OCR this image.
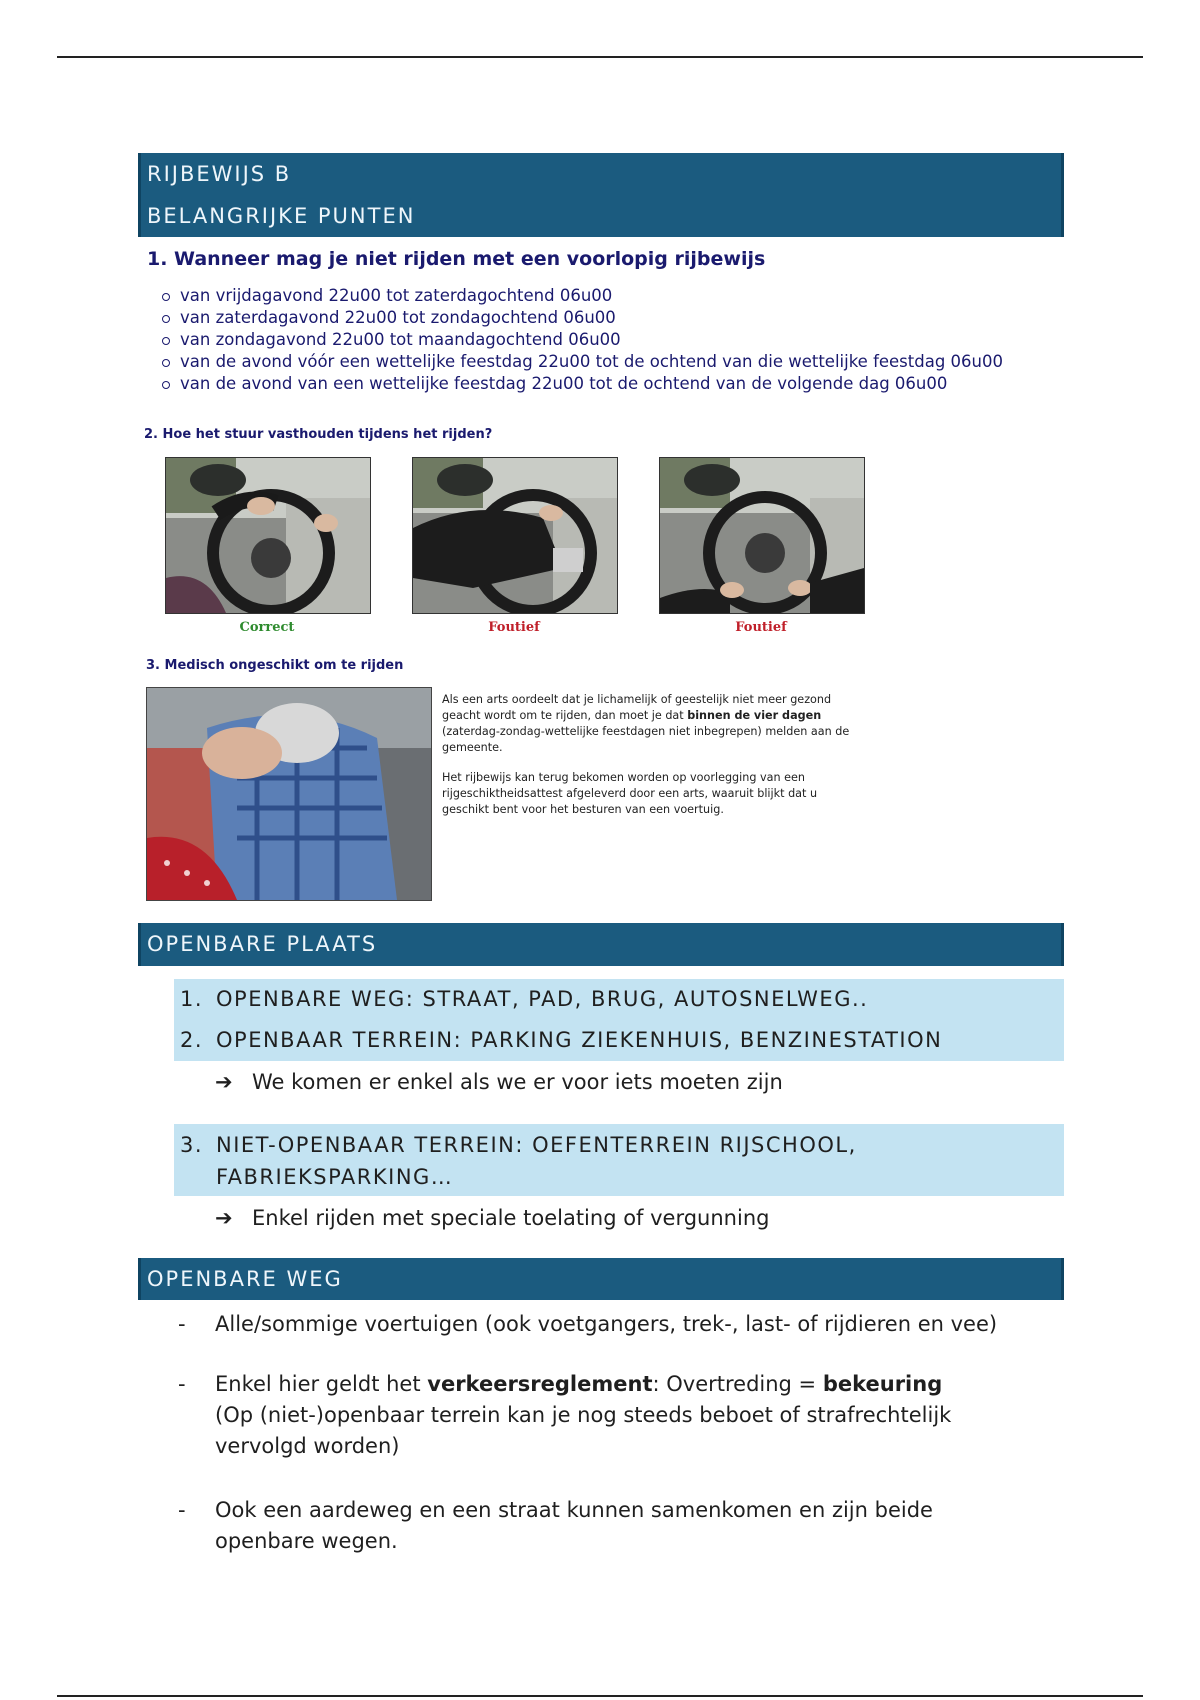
RIJBEWIJS B
BELANGRIJKE PUNTEN
1. Wanneer mag je niet rijden met een voorlopig rijbewijs
van vrijdagavond 22u00 tot zaterdagochtend 06u00
van zaterdagavond 22u00 tot zondagochtend 06u00
van zondagavond 22u00 tot maandagochtend 06u00
van de avond vóór een wettelijke feestdag 22u00 tot de ochtend van die wettelijke feestdag 06u00
van de avond van een wettelijke feestdag 22u00 tot de ochtend van de volgende dag 06u00
2. Hoe het stuur vasthouden tijdens het rijden?
Correct	Foutief	Foutief
3. Medisch ongeschikt om te rijden

Als een arts oordeelt dat je lichamelijk of geestelijk niet meer gezond geacht wordt om te rijden, dan moet je dat binnen de vier dagen (zaterdag-zondag-wettelijke feestdagen niet inbegrepen) melden aan de gemeente.

Het rijbewijs kan terug bekomen worden op voorlegging van een rijgeschiktheidsattest afgeleverd door een arts, waaruit blijkt dat u geschikt bent voor het besturen van een voertuig.

OPENBARE PLAATS
1. OPENBARE WEG: STRAAT, PAD, BRUG, AUTOSNELWEG..
2. OPENBAAR TERREIN: PARKING ZIEKENHUIS, BENZINESTATION
➔ We komen er enkel als we er voor iets moeten zijn
3. NIET-OPENBAAR TERREIN: OEFENTERREIN RIJSCHOOL,
FABRIEKSPARKING…
➔ Enkel rijden met speciale toelating of vergunning
OPENBARE WEG
-	Alle/sommige voertuigen (ook voetgangers, trek-, last- of rijdieren en vee)
-	Enkel hier geldt het verkeersreglement: Overtreding = bekeuring
(Op (niet-)openbaar terrein kan je nog steeds beboet of strafrechtelijk
vervolgd worden)
-	Ook een aardeweg en een straat kunnen samenkomen en zijn beide
openbare wegen.
